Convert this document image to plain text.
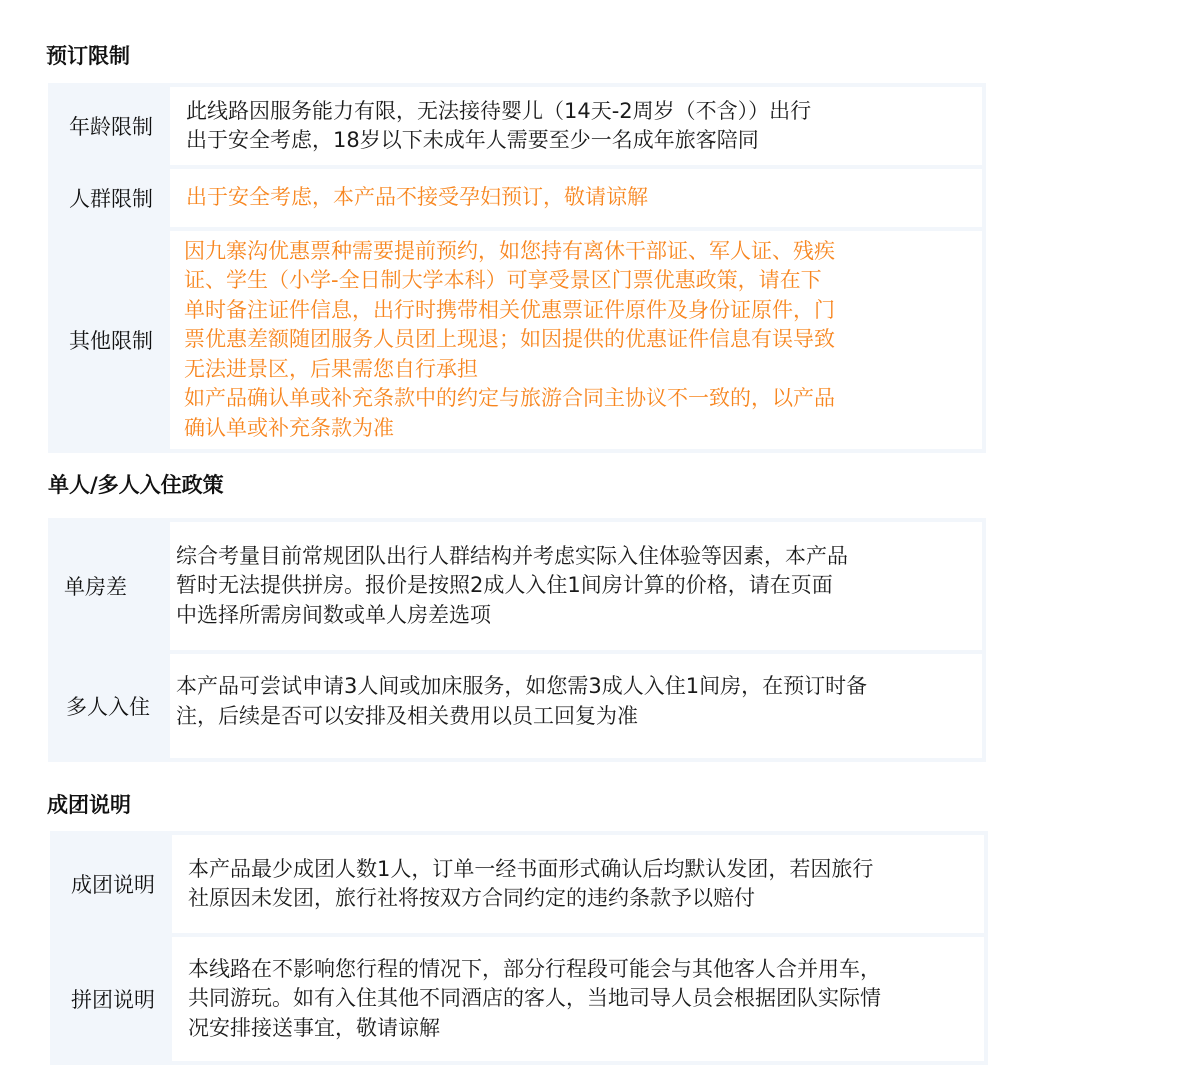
预订限制
年龄限制
此线路因服务能力有限，无法接待婴儿（14天-2周岁（不含））出行
出于安全考虑，18岁以下未成年人需要至少一名成年旅客陪同
人群限制	出于安全考虑，本产品不接受孕妇预订，敬请谅解
其他限制
因九寨沟优惠票种需要提前预约，如您持有离休干部证、军人证、残疾
证、学生（小学-全日制大学本科）可享受景区门票优惠政策，请在下
单时备注证件信息，出行时携带相关优惠票证件原件及身份证原件，门
票优惠差额随团服务人员团上现退；如因提供的优惠证件信息有误导致
无法进景区，后果需您自行承担
如产品确认单或补充条款中的约定与旅游合同主协议不一致的，以产品
确认单或补充条款为准
单人/多人入住政策
单房差
综合考量目前常规团队出行人群结构并考虑实际入住体验等因素，本产品
暂时无法提供拼房。报价是按照2成人入住1间房计算的价格，请在页面
中选择所需房间数或单人房差选项
多人入住
本产品可尝试申请3人间或加床服务，如您需3成人入住1间房，在预订时备
注，后续是否可以安排及相关费用以员工回复为准
成团说明
成团说明
本产品最少成团人数1人，订单一经书面形式确认后均默认发团，若因旅行
社原因未发团，旅行社将按双方合同约定的违约条款予以赔付
拼团说明
本线路在不影响您行程的情况下，部分行程段可能会与其他客人合并用车，
共同游玩。如有入住其他不同酒店的客人，当地司导人员会根据团队实际情
况安排接送事宜，敬请谅解
